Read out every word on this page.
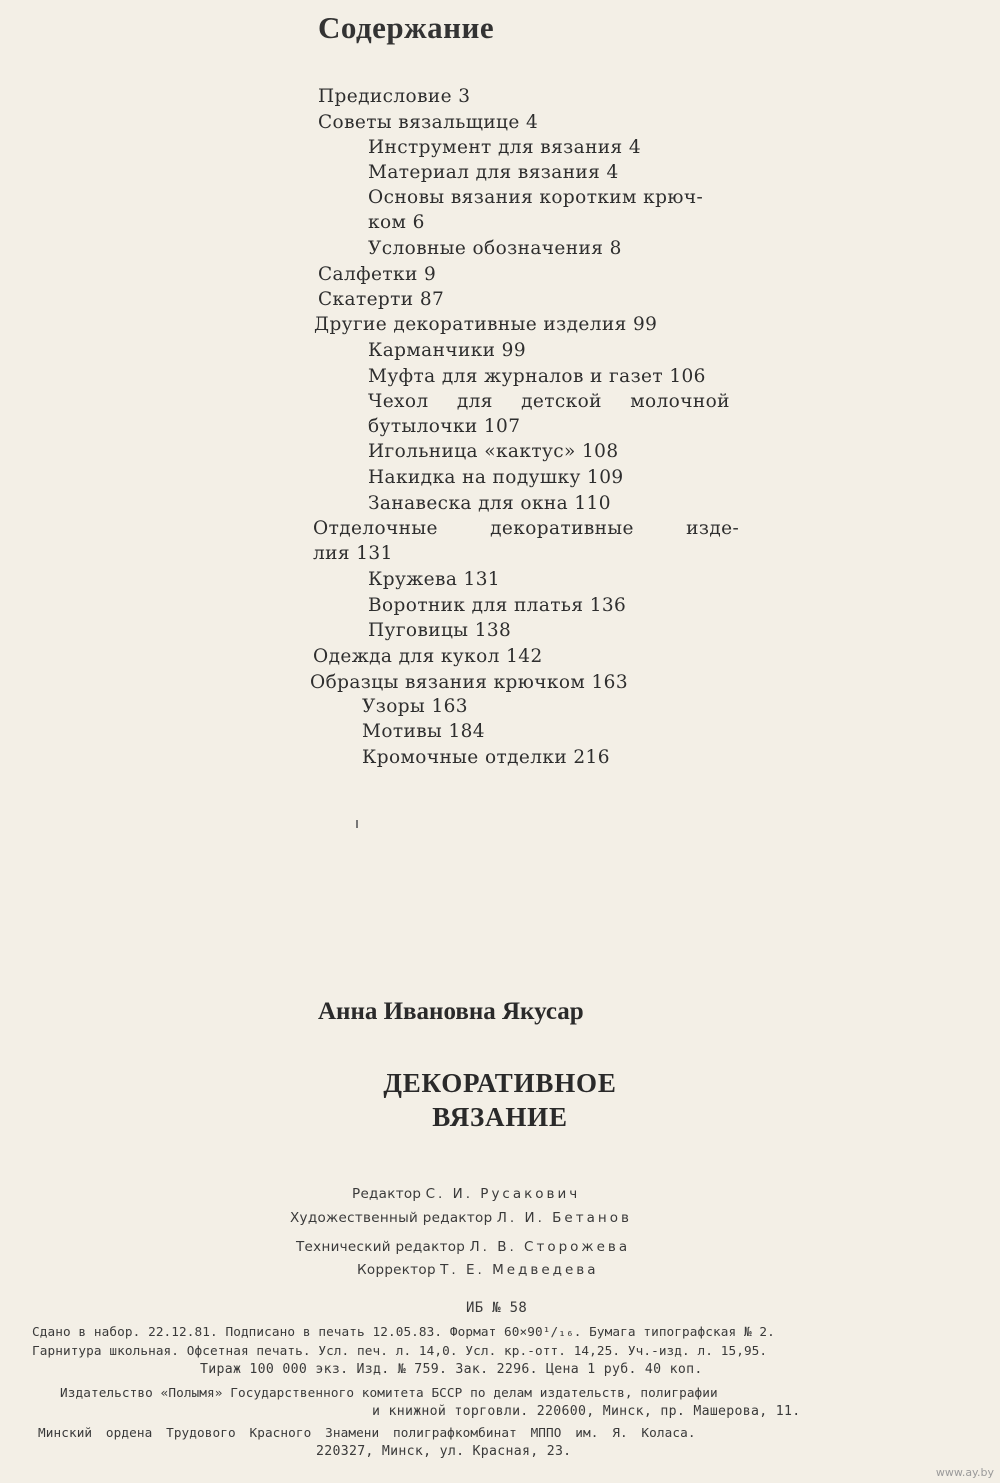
Содержание
Предисловие 3
Советы вязальщице 4
Инструмент для вязания 4
Материал для вязания 4
Основы вязания коротким крюч-
ком 6
Условные обозначения 8
Салфетки 9
Скатерти 87
Другие декоративные изделия 99
Карманчики 99
Муфта для журналов и газет 106
Чехол для детской молочной
бутылочки 107
Игольница «кактус» 108
Накидка на подушку 109
Занавеска для окна 110
Отделочные декоративные изде-
лия 131
Кружева 131
Воротник для платья 136
Пуговицы 138
Одежда для кукол 142
Образцы вязания крючком 163
Узоры 163
Мотивы 184
Кромочные отделки 216
Анна Ивановна Якусар
ДЕКОРАТИВНОЕ
ВЯЗАНИЕ
Редактор С. И. Русакович
Художественный редактор Л. И. Бетанов
Технический редактор Л. В. Сторожева
Корректор Т. Е. Медведева
ИБ № 58
Сдано в набор. 22.12.81. Подписано в печать 12.05.83. Формат 60×90¹/₁₆. Бумага типографская № 2.
Гарнитура школьная. Офсетная печать. Усл. печ. л. 14,0. Усл. кр.-отт. 14,25. Уч.-изд. л. 15,95.
Тираж 100 000 экз. Изд. № 759. Зак. 2296. Цена 1 руб. 40 коп.
Издательство «Полымя» Государственного комитета БССР по делам издательств, полиграфии
и книжной торговли. 220600, Минск, пр. Машерова, 11.
Минский ордена Трудового Красного Знамени полиграфкомбинат МППО им. Я. Коласа.
220327, Минск, ул. Красная, 23.
www.ay.by
